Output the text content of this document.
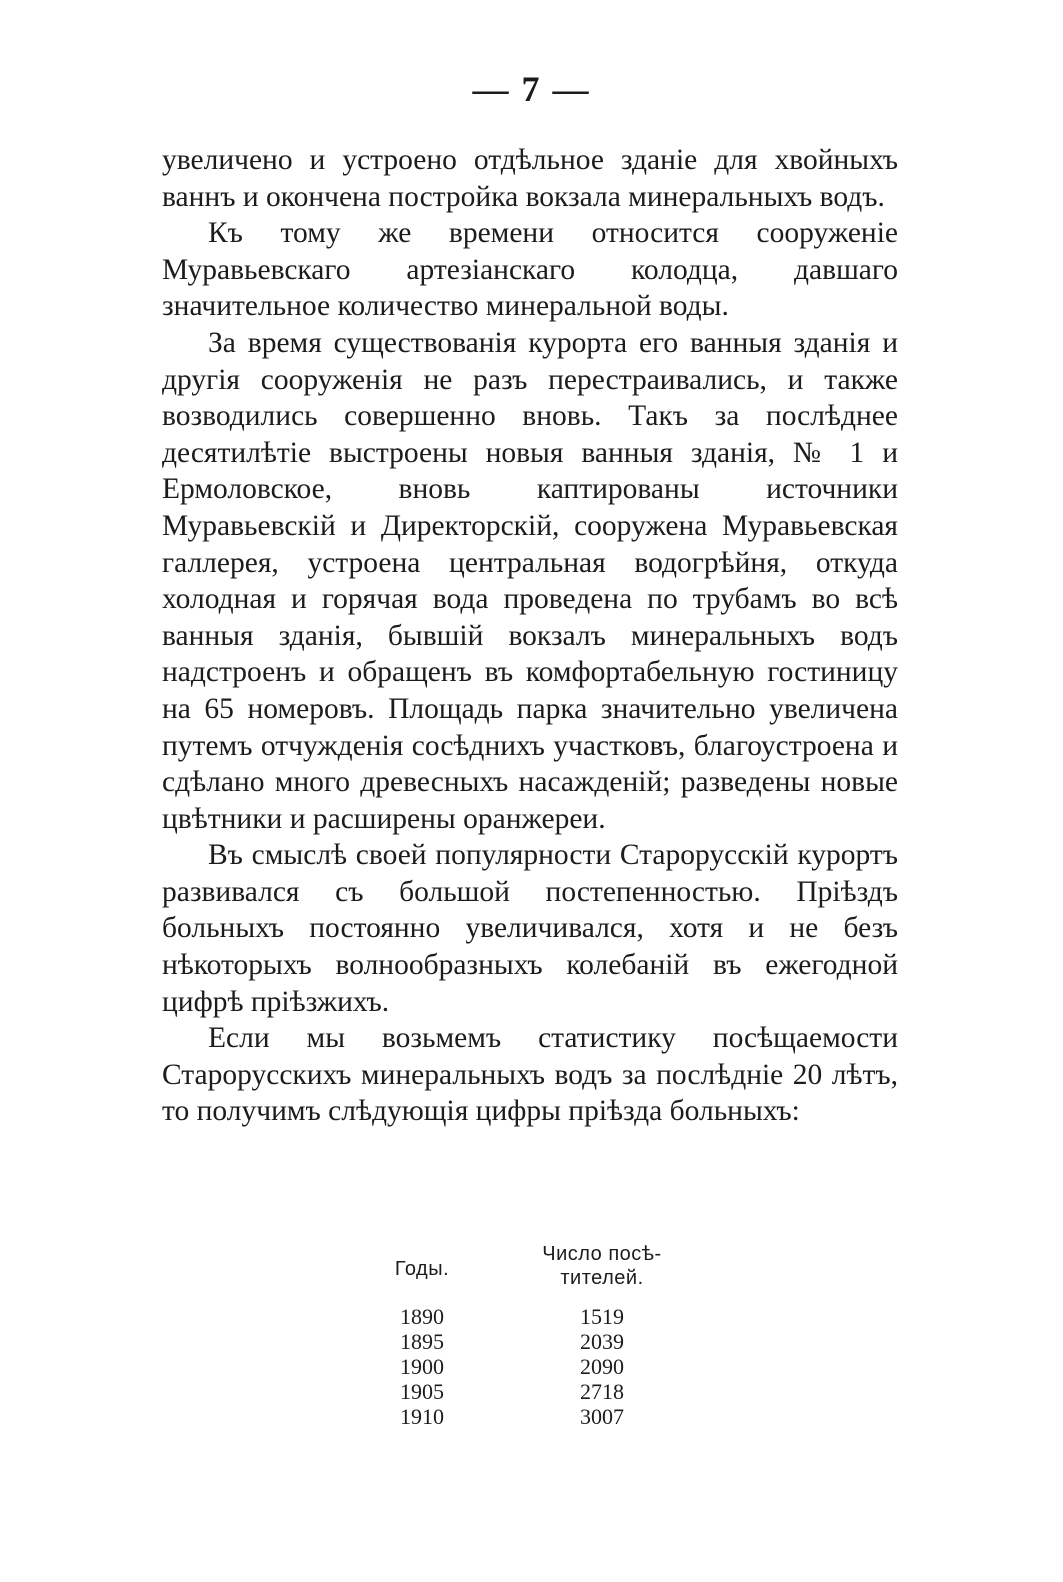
— 7 —

увеличено и устроено отдѣльное зданіе для хвойныхъ ваннъ и окончена постройка вокзала минеральныхъ водъ.

Къ тому же времени относится сооруженіе Муравьевскаго артезіанскаго колодца, давшаго значительное количество минеральной воды.

За время существованія курорта его ванныя зданія и другія сооруженія не разъ перестраивались, и также возводились совершенно вновь. Такъ за послѣднее десятилѣтіе выстроены новыя ванныя зданія, № 1 и Ермоловское, вновь каптированы источники Муравьевскій и Директорскій, сооружена Муравьевская галлерея, устроена центральная водогрѣйня, откуда холодная и горячая вода проведена по трубамъ во всѣ ванныя зданія, бывшій вокзалъ минеральныхъ водъ надстроенъ и обращенъ въ комфортабельную гостиницу на 65 номеровъ. Площадь парка значительно увеличена путемъ отчужденія сосѣднихъ участковъ, благоустроена и сдѣлано много древесныхъ насажденій; разведены новые цвѣтники и расширены оранжереи.

Въ смыслѣ своей популярности Старорусскій курортъ развивался съ большой постепенностью. Пріѣздъ больныхъ постоянно увеличивался, хотя и не безъ нѣкоторыхъ волнообразныхъ колебаній въ ежегодной цифрѣ пріѣзжихъ.

Если мы возьмемъ статистику посѣщаемости Старорусскихъ минеральныхъ водъ за послѣдніе 20 лѣтъ, то получимъ слѣдующія цифры пріѣзда больныхъ:

Годы.
Число посѣ-
тителей.
1890	1519
1895	2039
1900	2090
1905	2718
1910	3007
